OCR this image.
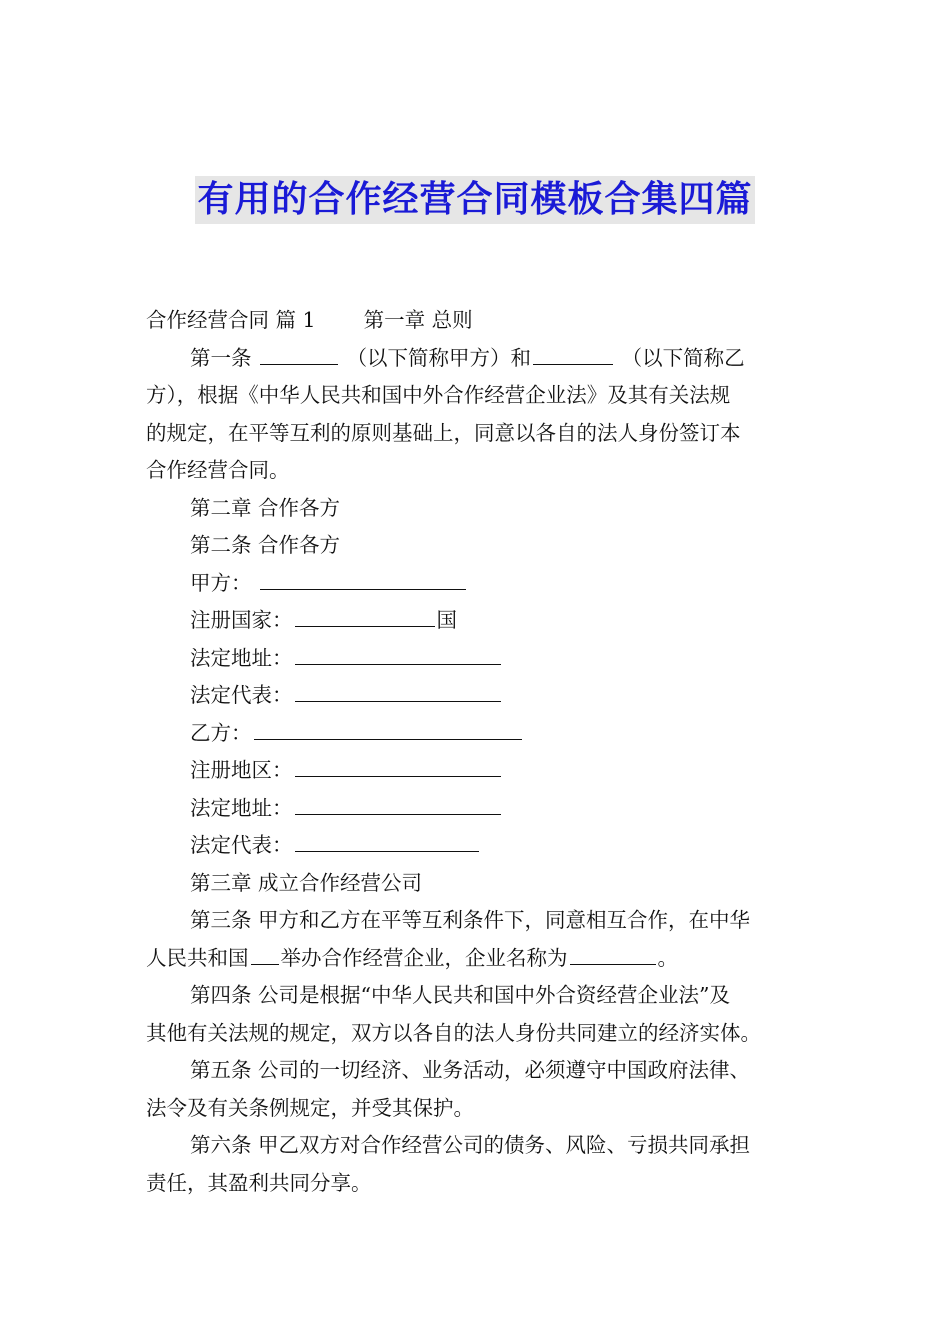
有用的合作经营合同模板合集四篇
合作经营合同 篇 1 第一章 总则
第一条	（以下简称甲方）和	（以下简称乙
方），根据《中华人民共和国中外合作经营企业法》及其有关法规
的规定，在平等互利的原则基础上，同意以各自的法人身份签订本
合作经营合同。
第二章 合作各方
第二条 合作各方
甲方：
注册国家：	国
法定地址：
法定代表：
乙方：
注册地区：
法定地址：
法定代表：
第三章 成立合作经营公司
第三条 甲方和乙方在平等互利条件下，同意相互合作，在中华
人民共和国 举办合作经营企业，企业名称为	。
第四条 公司是根据“中华人民共和国中外合资经营企业法”及
其他有关法规的规定，双方以各自的法人身份共同建立的经济实体。
第五条 公司的一切经济、业务活动，必须遵守中国政府法律、
法令及有关条例规定，并受其保护。
第六条 甲乙双方对合作经营公司的债务、风险、亏损共同承担
责任，其盈利共同分享。
